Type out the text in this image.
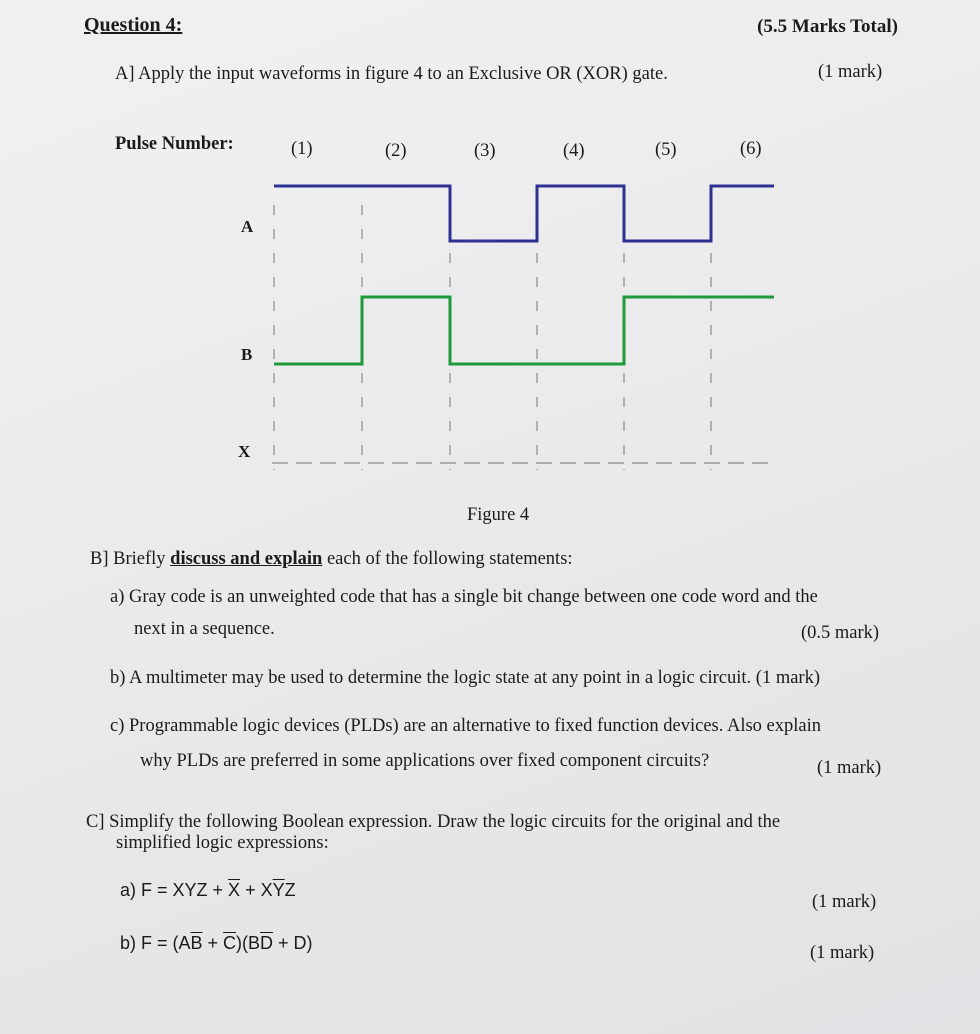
Question 4:	(5.5 Marks Total)
A] Apply the input waveforms in figure 4 to an Exclusive OR (XOR) gate.	(1 mark)
Pulse Number:	(1)	(2)	(3)	(4)	(5)	(6)
A
B
X
Figure 4
B] Briefly discuss and explain each of the following statements:
a) Gray code is an unweighted code that has a single bit change between one code word and the
next in a sequence.	(0.5 mark)
b) A multimeter may be used to determine the logic state at any point in a logic circuit. (1 mark)
c) Programmable logic devices (PLDs) are an alternative to fixed function devices. Also explain
why PLDs are preferred in some applications over fixed component circuits?	(1 mark)
C] Simplify the following Boolean expression. Draw the logic circuits for the original and the
simplified logic expressions:
a) F = XYZ + $\overline{X} + X\overline{Y}Z$
(1 mark)
b) $F = (A\overline{B} + \overline{C})(B\overline{D} + D)$	(1 mark)
